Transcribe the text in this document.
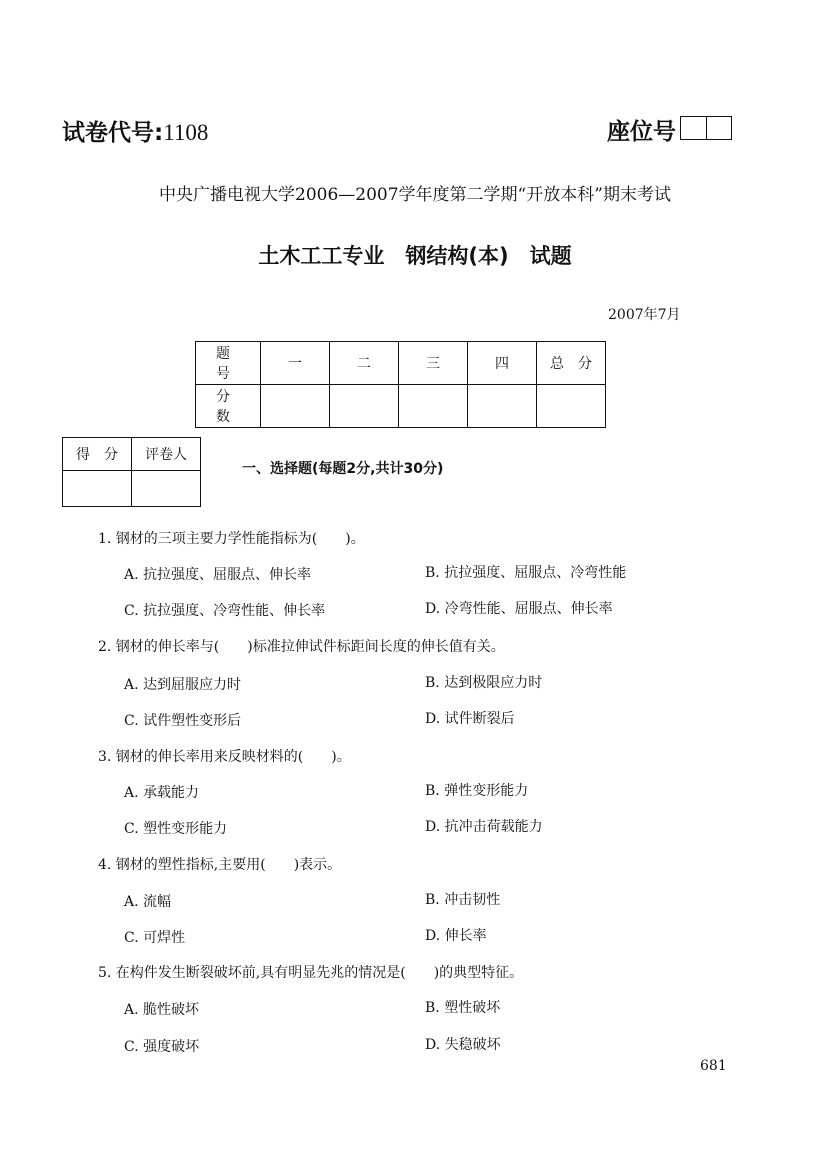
试卷代号:1108	座位号
中央广播电视大学2006—2007学年度第二学期“开放本科”期末考试
土木工工专业　钢结构(本)　试题
2007年7月
题　号	一	二	三	四	总　分
分　数					
得　分	评卷人

一、选择题(每题2分,共计30分)
1. 钢材的三项主要力学性能指标为(　　)。
A. 抗拉强度、屈服点、伸长率	B. 抗拉强度、屈服点、冷弯性能
C. 抗拉强度、冷弯性能、伸长率	D. 冷弯性能、屈服点、伸长率
2. 钢材的伸长率与(　　)标准拉伸试件标距间长度的伸长值有关。
A. 达到屈服应力时	B. 达到极限应力时
C. 试件塑性变形后	D. 试件断裂后
3. 钢材的伸长率用来反映材料的(　　)。
A. 承载能力	B. 弹性变形能力
C. 塑性变形能力	D. 抗冲击荷载能力
4. 钢材的塑性指标,主要用(　　)表示。
A. 流幅	B. 冲击韧性
C. 可焊性	D. 伸长率
5. 在构件发生断裂破坏前,具有明显先兆的情况是(　　)的典型特征。
A. 脆性破坏	B. 塑性破坏
C. 强度破坏	D. 失稳破坏
681
